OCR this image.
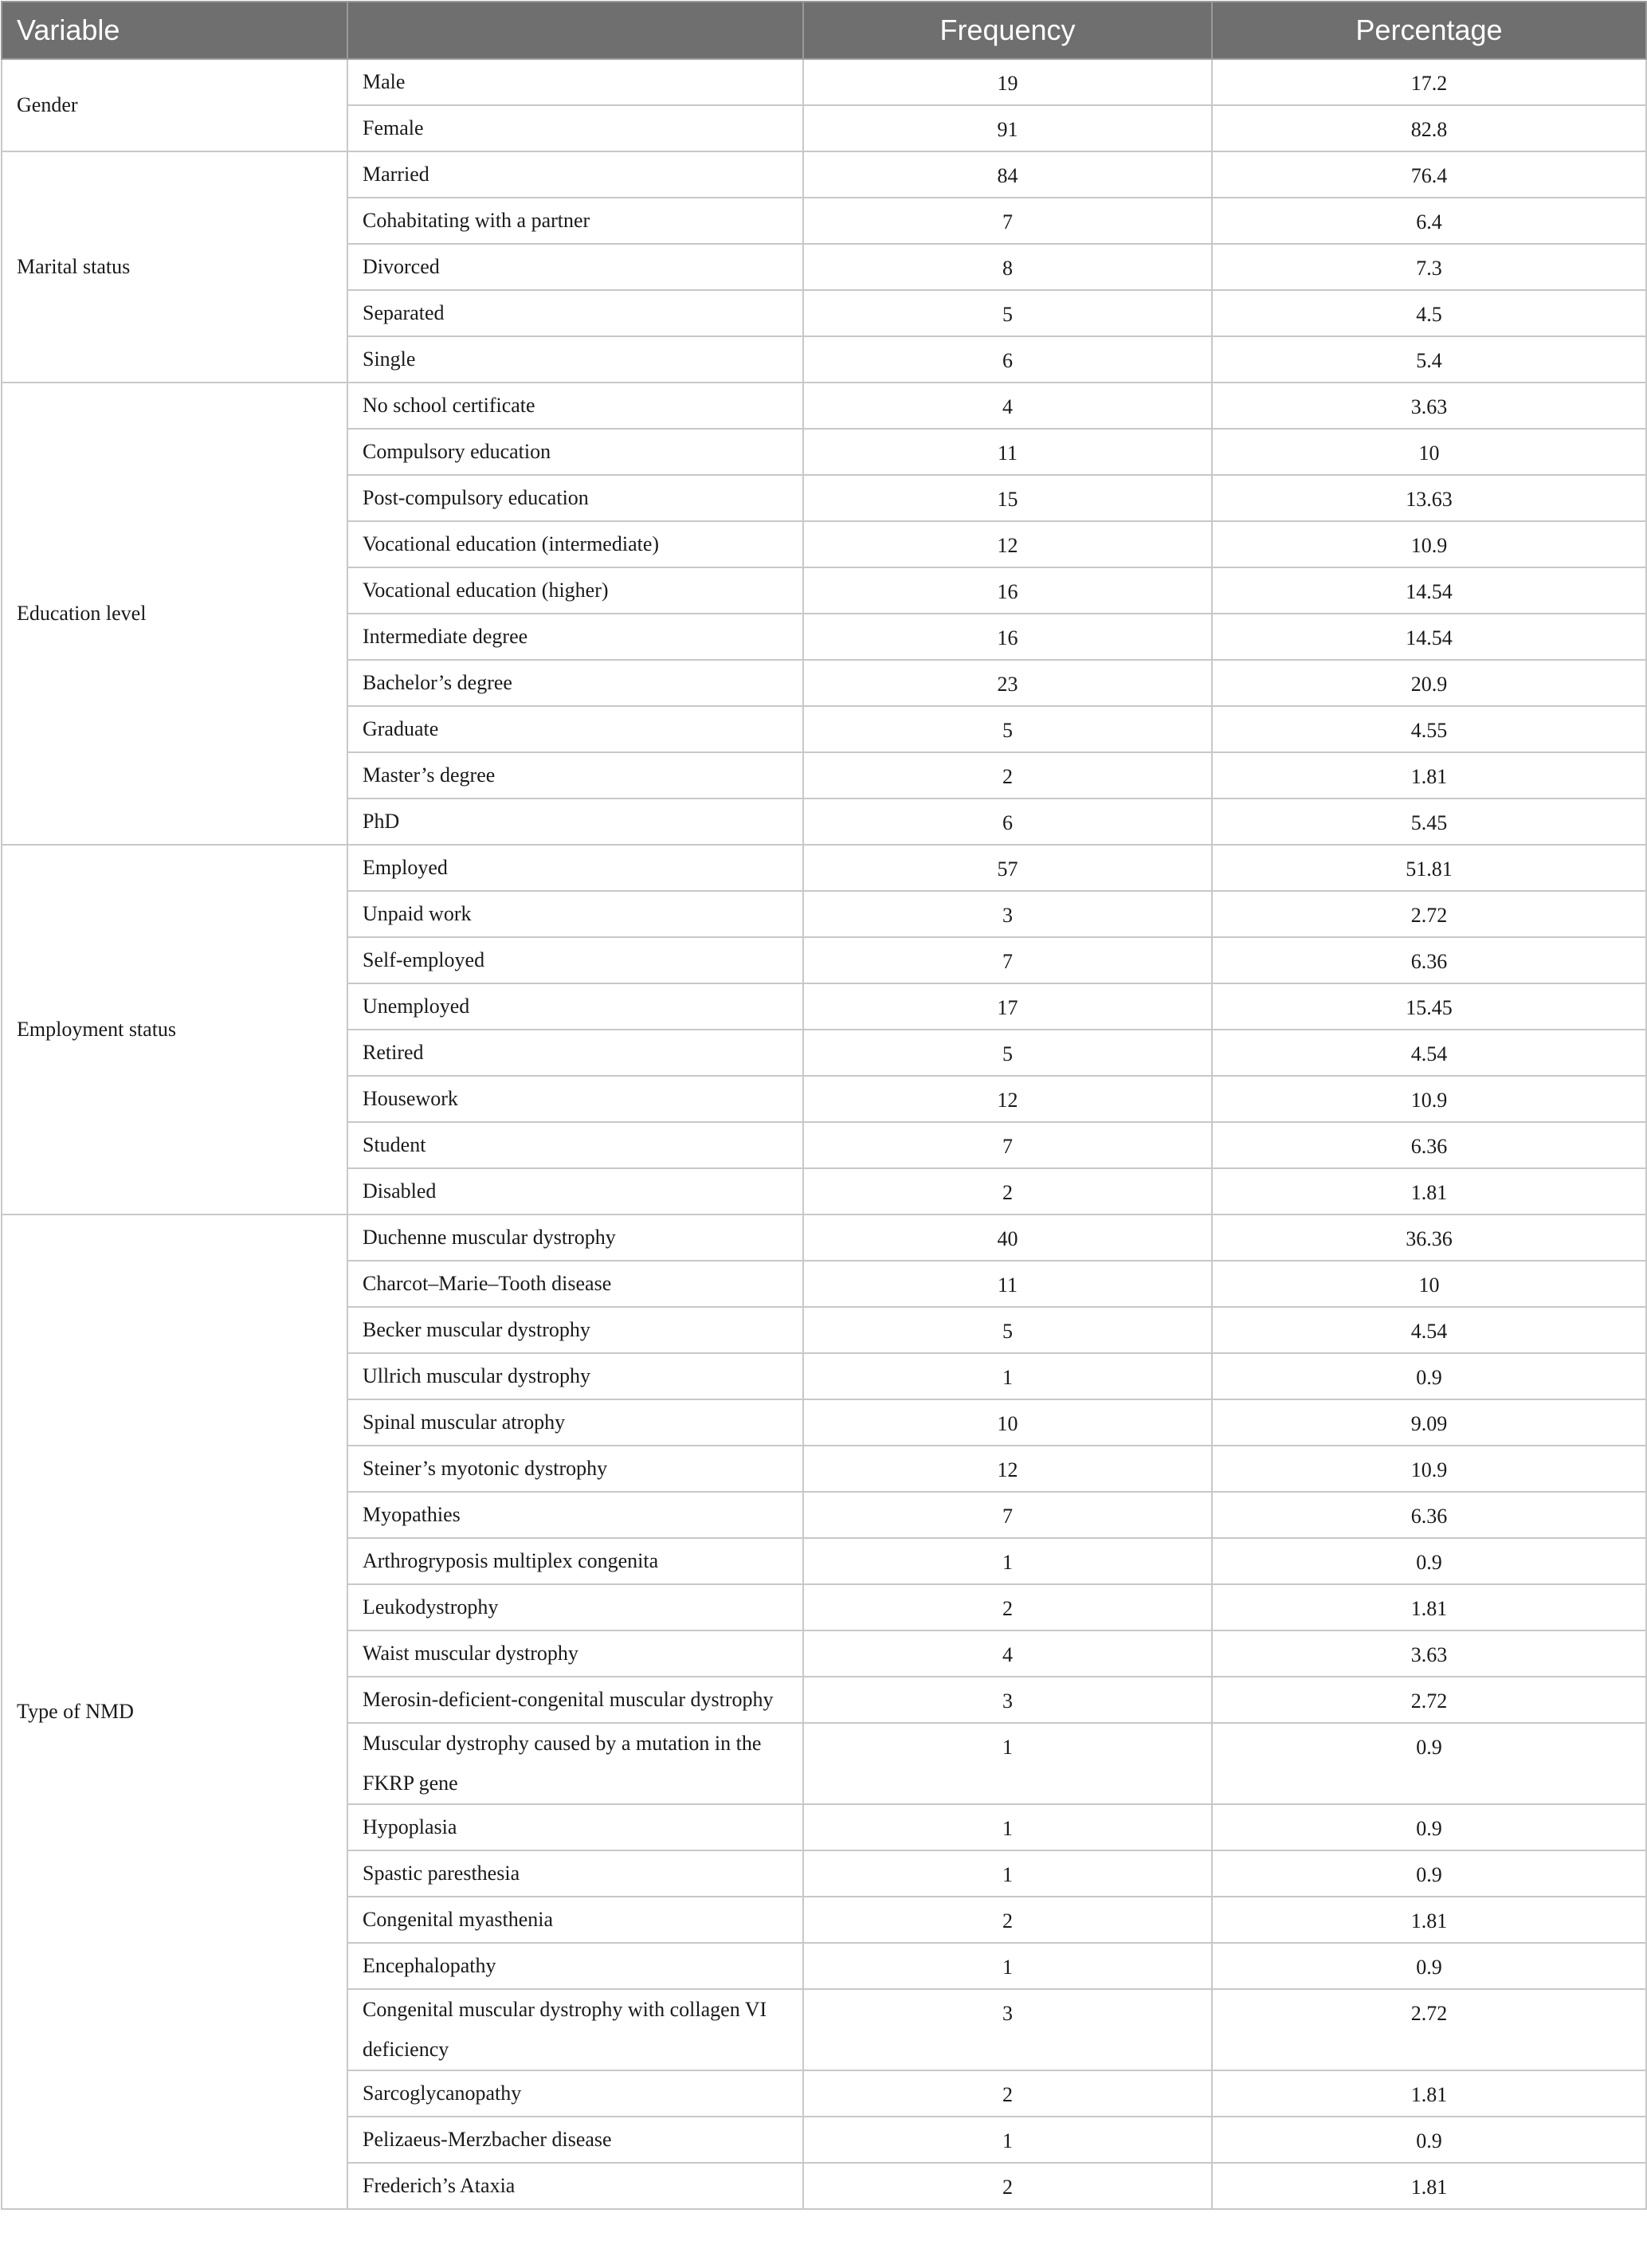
Variable		Frequency	Percentage
Gender	Male	19	17.2
	Female	91	82.8
Marital status	Married	84	76.4
	Cohabitating with a partner	7	6.4
	Divorced	8	7.3
	Separated	5	4.5
	Single	6	5.4
Education level	No school certificate	4	3.63
	Compulsory education	11	10
	Post-compulsory education	15	13.63
	Vocational education (intermediate)	12	10.9
	Vocational education (higher)	16	14.54
	Intermediate degree	16	14.54
	Bachelor’s degree	23	20.9
	Graduate	5	4.55
	Master’s degree	2	1.81
	PhD	6	5.45
Employment status	Employed	57	51.81
	Unpaid work	3	2.72
	Self-employed	7	6.36
	Unemployed	17	15.45
	Retired	5	4.54
	Housework	12	10.9
	Student	7	6.36
	Disabled	2	1.81
Type of NMD	Duchenne muscular dystrophy	40	36.36
	Charcot–Marie–Tooth disease	11	10
	Becker muscular dystrophy	5	4.54
	Ullrich muscular dystrophy	1	0.9
	Spinal muscular atrophy	10	9.09
	Steiner’s myotonic dystrophy	12	10.9
	Myopathies	7	6.36
	Arthrogryposis multiplex congenita	1	0.9
	Leukodystrophy	2	1.81
	Waist muscular dystrophy	4	3.63
	Merosin-deficient-congenital muscular dystrophy	3	2.72
	Muscular dystrophy caused by a mutation in the FKRP gene	1	0.9
	Hypoplasia	1	0.9
	Spastic paresthesia	1	0.9
	Congenital myasthenia	2	1.81
	Encephalopathy	1	0.9
	Congenital muscular dystrophy with collagen VI deficiency	3	2.72
	Sarcoglycanopathy	2	1.81
	Pelizaeus-Merzbacher disease	1	0.9
	Frederich’s Ataxia	2	1.81
